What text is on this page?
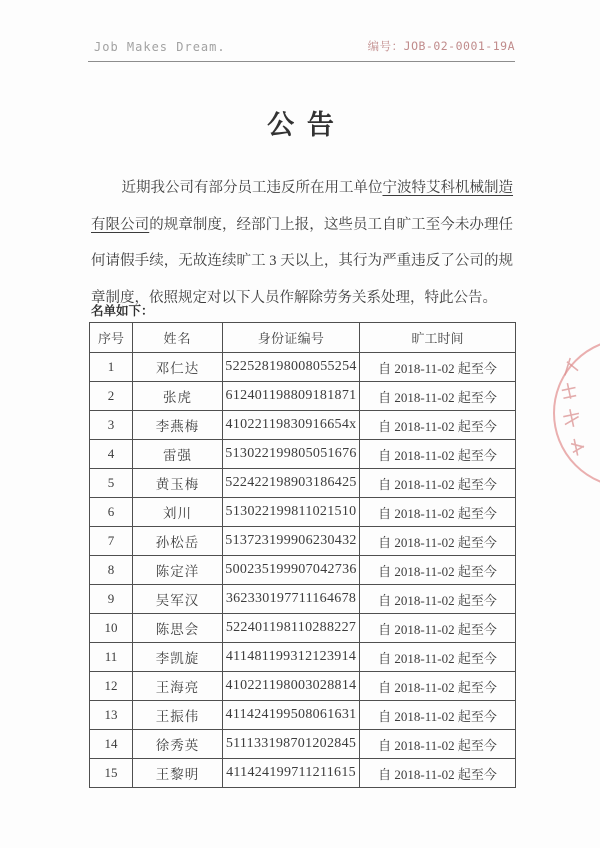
Job Makes Dream.	编号：JOB-02-0001-19A
公 告

近期我公司有部分员工违反所在用工单位宁波特艾科机械制造有限公司的规章制度，经部门上报，这些员工自旷工至今未办理任何请假手续，无故连续旷工 3 天以上，其行为严重违反了公司的规章制度，依照规定对以下人员作解除劳务关系处理，特此公告。

名单如下：
序号	姓名	身份证编号	旷工时间
1	邓仁达	522528198008055254	自 2018-11-02 起至今
2	张虎	612401198809181871	自 2018-11-02 起至今
3	李燕梅	41022119830916654x	自 2018-11-02 起至今
4	雷强	513022199805051676	自 2018-11-02 起至今
5	黄玉梅	522422198903186425	自 2018-11-02 起至今
6	刘川	513022199811021510	自 2018-11-02 起至今
7	孙松岳	513723199906230432	自 2018-11-02 起至今
8	陈定洋	500235199907042736	自 2018-11-02 起至今
9	吴军汉	362330197711164678	自 2018-11-02 起至今
10	陈思会	522401198110288227	自 2018-11-02 起至今
11	李凯旋	411481199312123914	自 2018-11-02 起至今
12	王海亮	410221198003028814	自 2018-11-02 起至今
13	王振伟	411424199508061631	自 2018-11-02 起至今
14	徐秀英	511133198701202845	自 2018-11-02 起至今
15	王黎明	411424199711211615	自 2018-11-02 起至今
